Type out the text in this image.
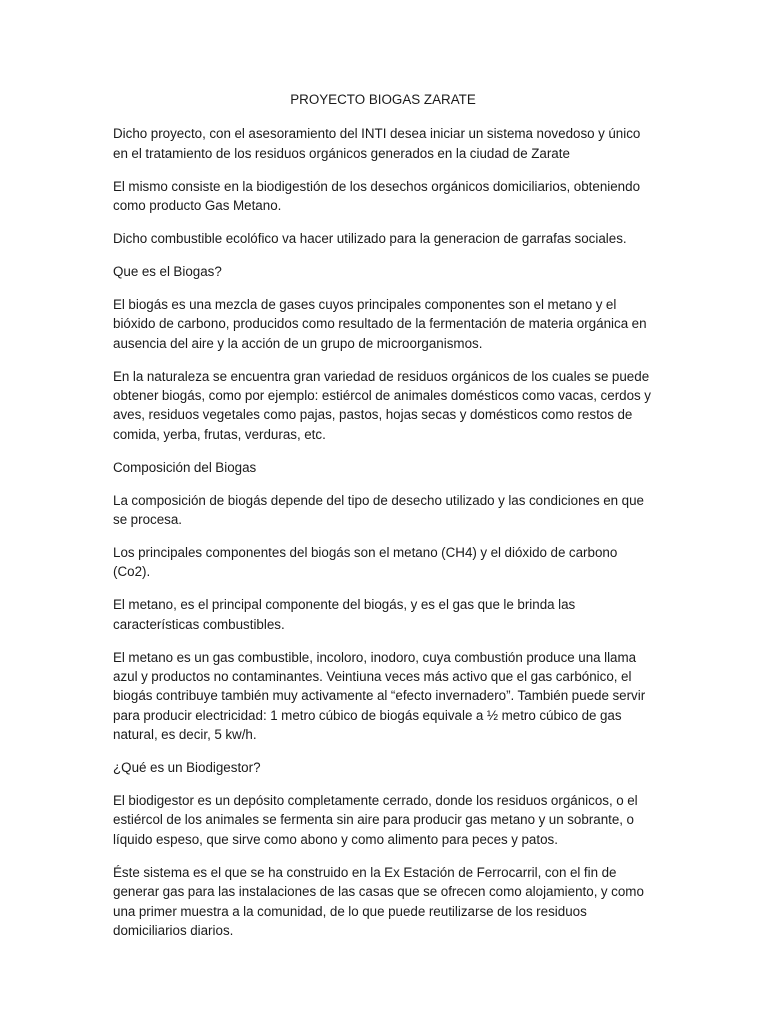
PROYECTO BIOGAS ZARATE

Dicho proyecto, con el asesoramiento del INTI desea iniciar un sistema novedoso y único en el tratamiento de los residuos orgánicos generados en la ciudad de Zarate

El mismo consiste en la biodigestión de los desechos orgánicos domiciliarios, obteniendo como producto Gas Metano.

Dicho combustible ecolófico va hacer utilizado para la generacion de garrafas sociales.

Que es el Biogas?

El biogás es una mezcla de gases cuyos principales componentes son el metano y el bióxido de carbono, producidos como resultado de la fermentación de materia orgánica en ausencia del aire y la acción de un grupo de microorganismos.

En la naturaleza se encuentra gran variedad de residuos orgánicos de los cuales se puede obtener biogás, como por ejemplo: estiércol de animales domésticos como vacas, cerdos y aves, residuos vegetales como pajas, pastos, hojas secas y domésticos como restos de comida, yerba, frutas, verduras, etc.

Composición del Biogas

La composición de biogás depende del tipo de desecho utilizado y las condiciones en que se procesa.

Los principales componentes del biogás son el metano (CH4) y el dióxido de carbono (Co2).

El metano, es el principal componente del biogás, y es el gas que le brinda las características combustibles.

El metano es un gas combustible, incoloro, inodoro, cuya combustión produce una llama azul y productos no contaminantes. Veintiuna veces más activo que el gas carbónico, el biogás contribuye también muy activamente al “efecto invernadero”. También puede servir para producir electricidad: 1 metro cúbico de biogás equivale a ½ metro cúbico de gas natural, es decir, 5 kw/h.

¿Qué es un Biodigestor?

El biodigestor es un depósito completamente cerrado, donde los residuos orgánicos, o el estiércol de los animales se fermenta sin aire para producir gas metano y un sobrante, o líquido espeso, que sirve como abono y como alimento para peces y patos.

Éste sistema es el que se ha construido en la Ex Estación de Ferrocarril, con el fin de generar gas para las instalaciones de las casas que se ofrecen como alojamiento, y como una primer muestra a la comunidad, de lo que puede reutilizarse de los residuos domiciliarios diarios.
